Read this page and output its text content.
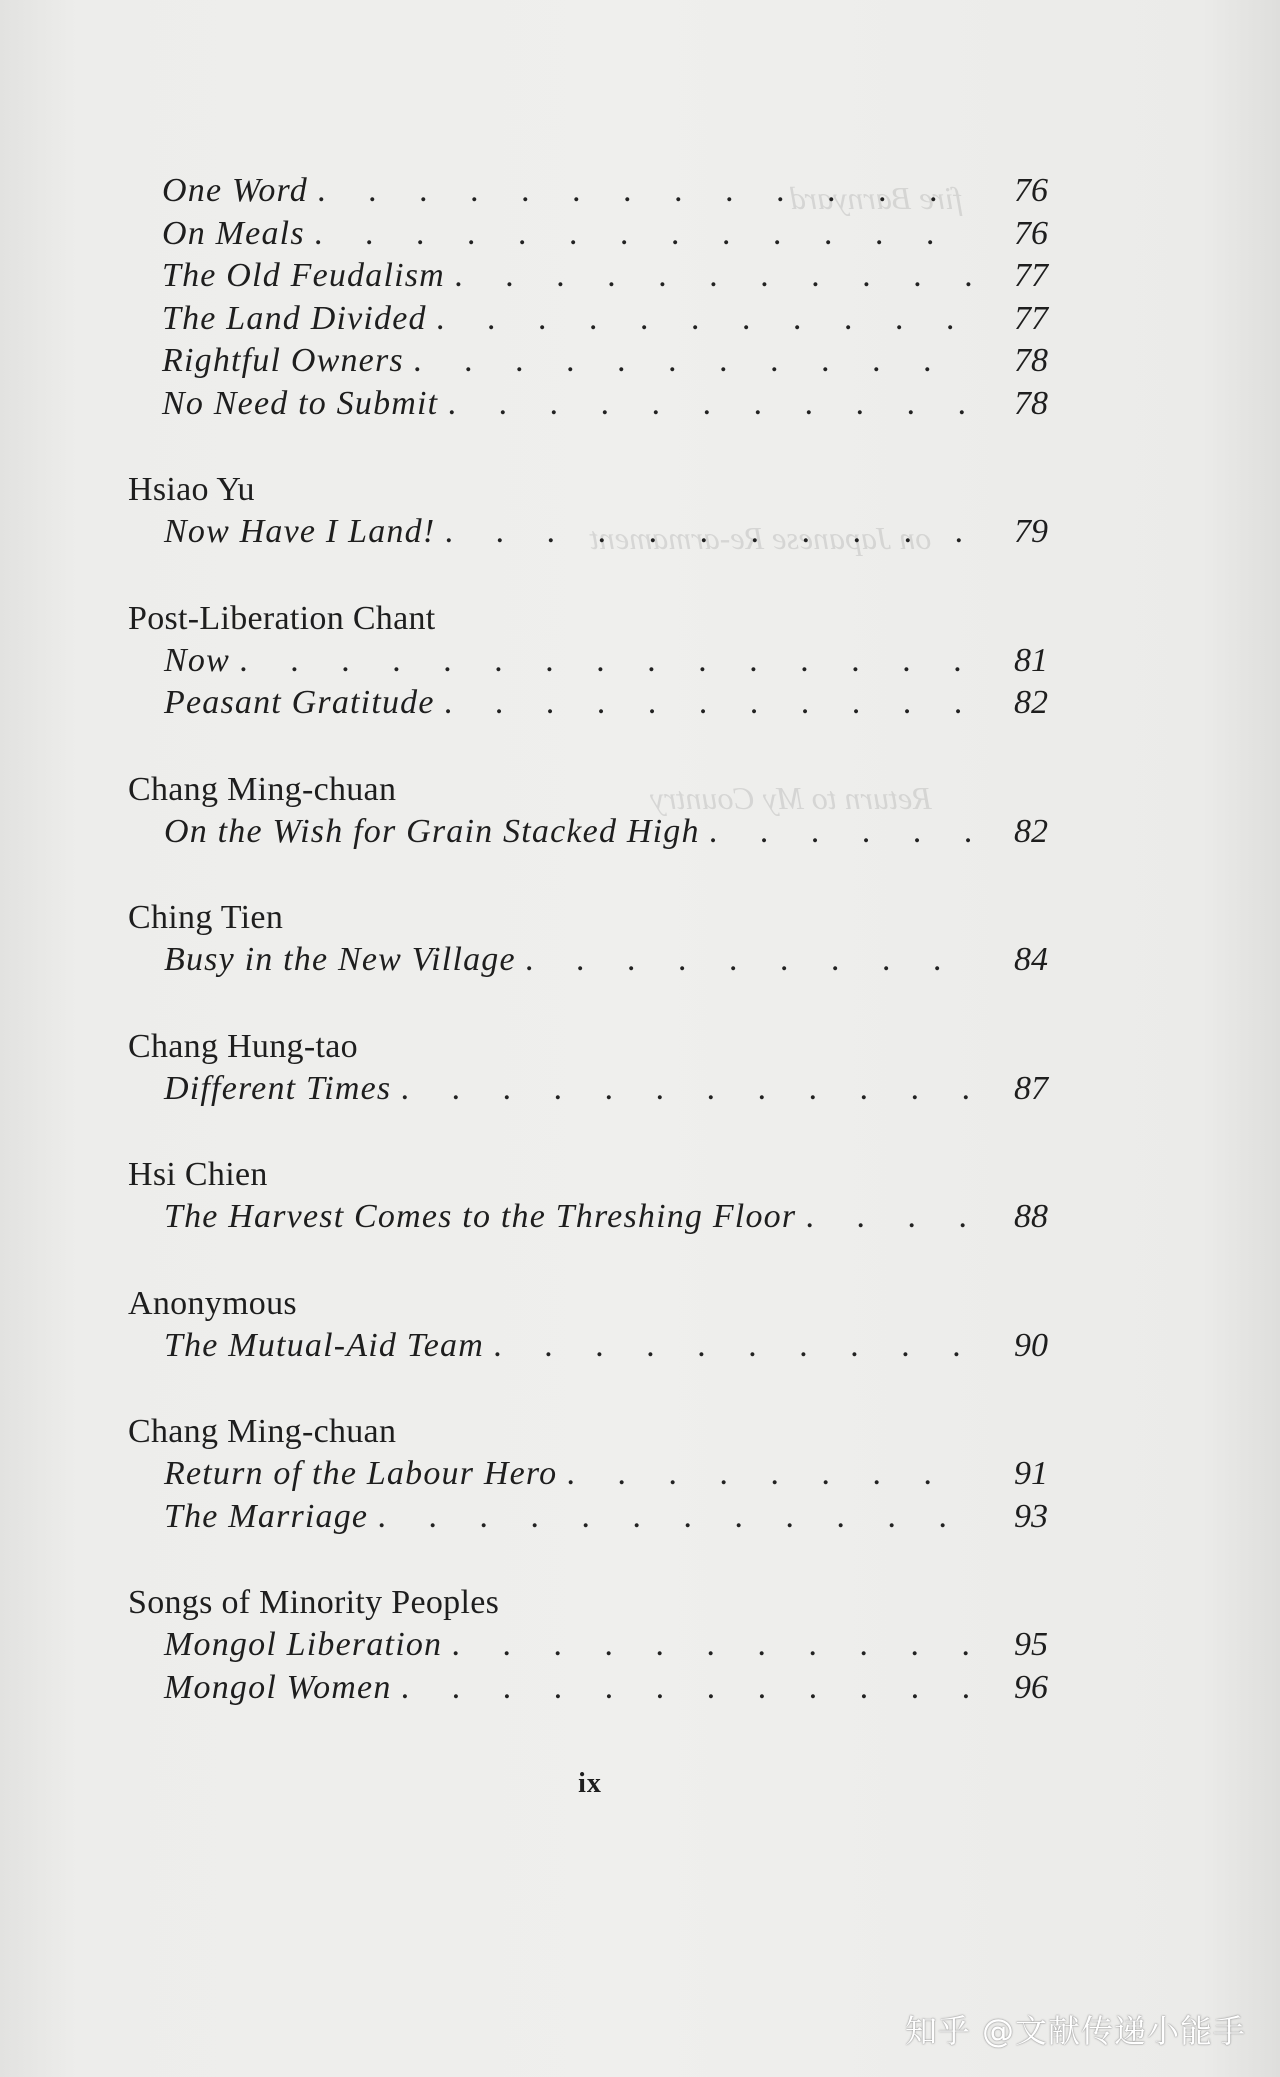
fire Barnyard
on Japanese Re-armament
Return to My Country
One Word .	76
On Meals .	76
The Old Feudalism .	77
The Land Divided .	77
Rightful Owners .	78
No Need to Submit .	78
Hsiao Yu
Now Have I Land! .	79
Post-Liberation Chant
Now .	81
Peasant Gratitude .	82
Chang Ming-chuan
On the Wish for Grain Stacked High .	82
Ching Tien
Busy in the New Village .	84
Chang Hung-tao
Different Times .	87
Hsi Chien
The Harvest Comes to the Threshing Floor .	88
Anonymous
The Mutual-Aid Team .	90
Chang Ming-chuan
Return of the Labour Hero .	91
The Marriage .	93
Songs of Minority Peoples
Mongol Liberation .	95
Mongol Women .	96
ix
知乎 @文献传递小能手
